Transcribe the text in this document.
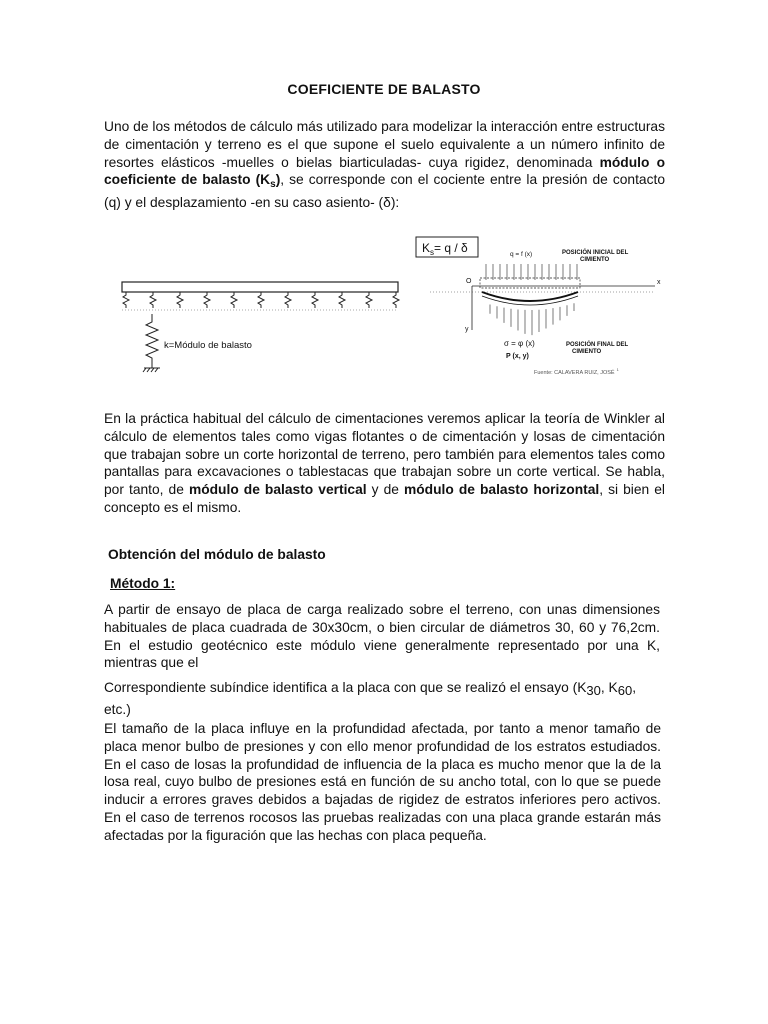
COEFICIENTE DE BALASTO
Uno de los métodos de cálculo más utilizado para modelizar la interacción entre estructuras de cimentación y terreno es el que supone el suelo equivalente a un número infinito de resortes elásticos -muelles o bielas biarticuladas- cuya rigidez, denominada módulo o coeficiente de balasto $(K_s)$, se corresponde con el cociente entre la presión de contacto (q) y el desplazamiento -en su caso asiento- (δ):
k=Módulo de balasto
$K_s= q / \delta$	q = f (x)	POSICIÓN INICIAL DEL CIMIENTO
x
y
O
σ = φ (x)
P (x, y)
POSICIÓN FINAL DEL CIMIENTO
Fuente: CALAVERA RUIZ, JOSÉ$^1$
En la práctica habitual del cálculo de cimentaciones veremos aplicar la teoría de Winkler al cálculo de elementos tales como vigas flotantes o de cimentación y losas de cimentación que trabajan sobre un corte horizontal de terreno, pero también para elementos tales como pantallas para excavaciones o tablestacas que trabajan sobre un corte vertical. Se habla, por tanto, de módulo de balasto vertical y de módulo de balasto horizontal, si bien el concepto es el mismo.
Obtención del módulo de balasto
Método 1:
A partir de ensayo de placa de carga realizado sobre el terreno, con unas dimensiones habituales de placa cuadrada de 30x30cm, o bien circular de diámetros 30, 60 y 76,2cm. En el estudio geotécnico este módulo viene generalmente representado por una K, mientras que el
Correspondiente subíndice identifica a la placa con que se realizó el ensayo ($K_{30}$, $K_{60}$, etc.)
El tamaño de la placa influye en la profundidad afectada, por tanto a menor tamaño de placa menor bulbo de presiones y con ello menor profundidad de los estratos estudiados. En el caso de losas la profundidad de influencia de la placa es mucho menor que la de la losa real, cuyo bulbo de presiones está en función de su ancho total, con lo que se puede inducir a errores graves debidos a bajadas de rigidez de estratos inferiores pero activos. En el caso de terrenos rocosos las pruebas realizadas con una placa grande estarán más afectadas por la figuración que las hechas con placa pequeña.
